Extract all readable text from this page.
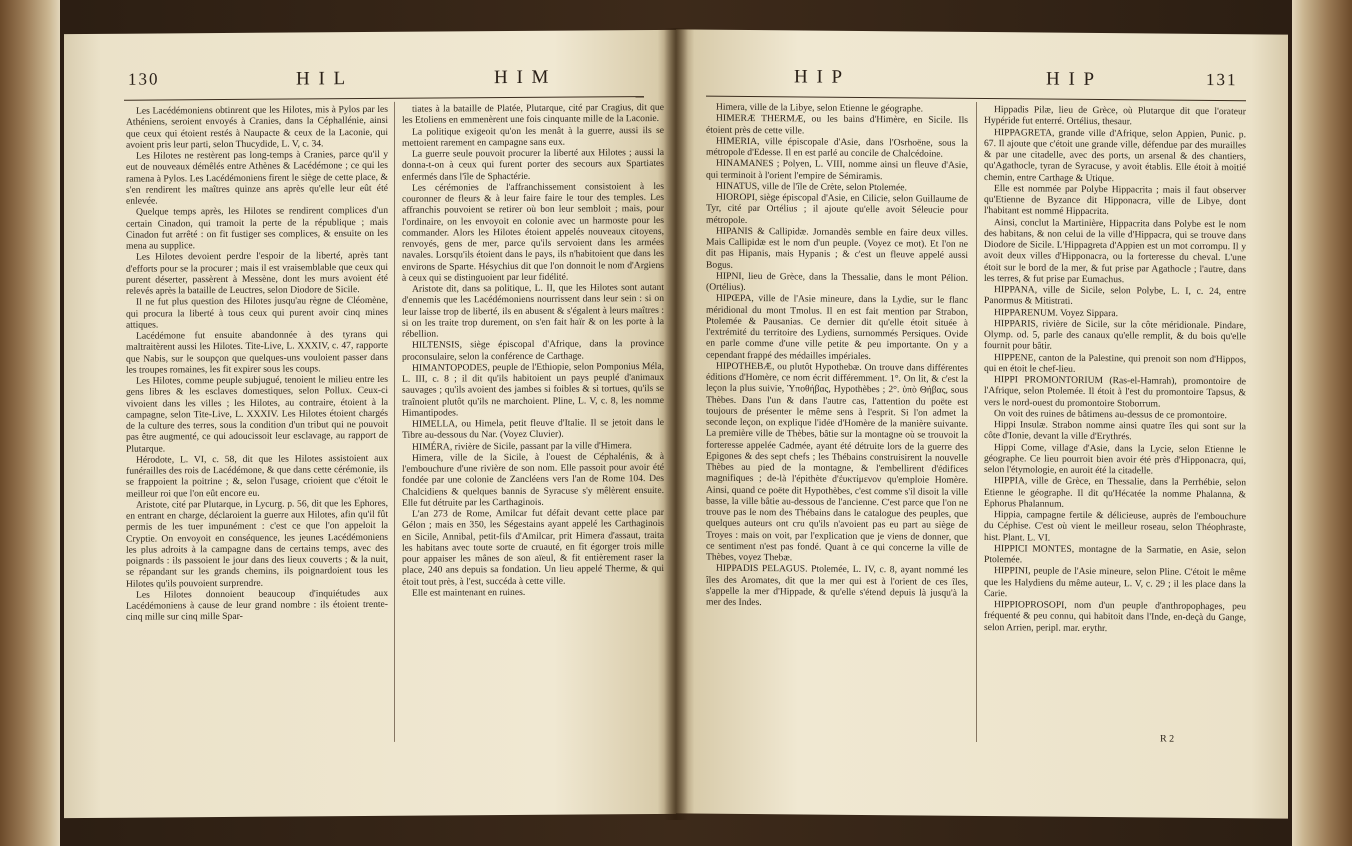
130	H I L	H I M

Les Lacédémoniens obtinrent que les Hilotes, mis à Pylos par les Athéniens, seroient envoyés à Cranies, dans la Céphallénie, ainsi que ceux qui étoient restés à Naupacte & ceux de la Laconie, qui avoient pris leur parti, selon Thucydide, L. V, c. 34.

Les Hilotes ne restèrent pas long-temps à Cranies, parce qu'il y eut de nouveaux démêlés entre Athènes & Lacédémone ; ce qui les ramena à Pylos. Les Lacédémoniens firent le siège de cette place, & s'en rendirent les maîtres quinze ans après qu'elle leur eût été enlevée.

Quelque temps après, les Hilotes se rendirent complices d'un certain Cinadon, qui tramoit la perte de la république ; mais Cinadon fut arrêté : on fit fustiger ses complices, & ensuite on les mena au supplice.

Les Hilotes devoient perdre l'espoir de la liberté, après tant d'efforts pour se la procurer ; mais il est vraisemblable que ceux qui purent déserter, passèrent à Messène, dont les murs avoient été relevés après la bataille de Leuctres, selon Diodore de Sicile.

Il ne fut plus question des Hilotes jusqu'au règne de Cléomène, qui procura la liberté à tous ceux qui purent avoir cinq mines attiques.

Lacédémone fut ensuite abandonnée à des tyrans qui maltraitèrent aussi les Hilotes. Tite-Live, L. XXXIV, c. 47, rapporte que Nabis, sur le soupçon que quelques-uns vouloient passer dans les troupes romaines, les fit expirer sous les coups.

Les Hilotes, comme peuple subjugué, tenoient le milieu entre les gens libres & les esclaves domestiques, selon Pollux. Ceux-ci vivoient dans les villes ; les Hilotes, au contraire, étoient à la campagne, selon Tite-Live, L. XXXIV. Les Hilotes étoient chargés de la culture des terres, sous la condition d'un tribut qui ne pouvoit pas être augmenté, ce qui adoucissoit leur esclavage, au rapport de Plutarque.

Hérodote, L. VI, c. 58, dit que les Hilotes assistoient aux funérailles des rois de Lacédémone, & que dans cette cérémonie, ils se frappoient la poitrine ; &, selon l'usage, crioient que c'étoit le meilleur roi que l'on eût encore eu.

Aristote, cité par Plutarque, in Lycurg. p. 56, dit que les Ephores, en entrant en charge, déclaroient la guerre aux Hilotes, afin qu'il fût permis de les tuer impunément : c'est ce que l'on appeloit la Cryptie. On envoyoit en conséquence, les jeunes Lacédémoniens les plus adroits à la campagne dans de certains temps, avec des poignards : ils passoient le jour dans des lieux couverts ; & la nuit, se répandant sur les grands chemins, ils poignardoient tous les Hilotes qu'ils pouvoient surprendre.

Les Hilotes donnoient beaucoup d'inquiétudes aux Lacédémoniens à cause de leur grand nombre : ils étoient trente-cinq mille sur cinq mille Spar-

tiates à la bataille de Platée, Plutarque, cité par Cragius, dit que les Etoliens en emmenèrent une fois cinquante mille de la Laconie.

La politique exigeoit qu'on les menât à la guerre, aussi ils se mettoient rarement en campagne sans eux.

La guerre seule pouvoit procurer la liberté aux Hilotes ; aussi la donna-t-on à ceux qui furent porter des secours aux Spartiates enfermés dans l'île de Sphactérie.

Les cérémonies de l'affranchissement consistoient à les couronner de fleurs & à leur faire faire le tour des temples. Les affranchis pouvoient se retirer où bon leur sembloit ; mais, pour l'ordinaire, on les envoyoit en colonie avec un harmoste pour les commander. Alors les Hilotes étoient appelés nouveaux citoyens, renvoyés, gens de mer, parce qu'ils servoient dans les armées navales. Lorsqu'ils étoient dans le pays, ils n'habitoient que dans les environs de Sparte. Hésychius dit que l'on donnoit le nom d'Argiens à ceux qui se distinguoient par leur fidélité.

Aristote dit, dans sa politique, L. II, que les Hilotes sont autant d'ennemis que les Lacédémoniens nourrissent dans leur sein : si on leur laisse trop de liberté, ils en abusent & s'égalent à leurs maîtres : si on les traite trop durement, on s'en fait haïr & on les porte à la rébellion.

HILTENSIS, siège épiscopal d'Afrique, dans la province proconsulaire, selon la conférence de Carthage.

HIMANTOPODES, peuple de l'Ethiopie, selon Pomponius Méla, L. III, c. 8 ; il dit qu'ils habitoient un pays peuplé d'animaux sauvages ; qu'ils avoient des jambes si foibles & si tortues, qu'ils se traînoient plutôt qu'ils ne marchoient. Pline, L. V, c. 8, les nomme Himantipodes.

HIMELLA, ou Himela, petit fleuve d'Italie. Il se jetoit dans le Tibre au-dessous du Nar. (Voyez Cluvier).

HIMÉRA, rivière de Sicile, passant par la ville d'Himera.

Himera, ville de la Sicile, à l'ouest de Céphalénis, & à l'embouchure d'une rivière de son nom. Elle passoit pour avoir été fondée par une colonie de Zancléens vers l'an de Rome 104. Des Chalcidiens & quelques bannis de Syracuse s'y mêlèrent ensuite. Elle fut détruite par les Carthaginois.

L'an 273 de Rome, Amilcar fut défait devant cette place par Gélon ; mais en 350, les Ségestains ayant appelé les Carthaginois en Sicile, Annibal, petit-fils d'Amilcar, prit Himera d'assaut, traita les habitans avec toute sorte de cruauté, en fit égorger trois mille pour appaiser les mânes de son aïeul, & fit entièrement raser la place, 240 ans depuis sa fondation. Un lieu appelé Therme, & qui étoit tout près, à l'est, succéda à cette ville.

Elle est maintenant en ruines.

H I P	H I P	131

Himera, ville de la Libye, selon Etienne le géographe.

HIMERÆ THERMÆ, ou les bains d'Himère, en Sicile. Ils étoient près de cette ville.

HIMERIA, ville épiscopale d'Asie, dans l'Osrhoëne, sous la métropole d'Edesse. Il en est parlé au concile de Chalcédoine.

HINAMANES ; Polyen, L. VIII, nomme ainsi un fleuve d'Asie, qui terminoit à l'orient l'empire de Sémiramis.

HINATUS, ville de l'île de Crète, selon Ptolemée.

HIOROPI, siège épiscopal d'Asie, en Cilicie, selon Guillaume de Tyr, cité par Ortélius ; il ajoute qu'elle avoit Séleucie pour métropole.

HIPANIS & Callipidæ. Jornandès semble en faire deux villes. Mais Callipidæ est le nom d'un peuple. (Voyez ce mot). Et l'on ne dit pas Hipanis, mais Hypanis ; & c'est un fleuve appelé aussi Bogus.

HIPNI, lieu de Grèce, dans la Thessalie, dans le mont Pélion. (Ortélius).

HIPŒPA, ville de l'Asie mineure, dans la Lydie, sur le flanc méridional du mont Tmolus. Il en est fait mention par Strabon, Ptolemée & Pausanias. Ce dernier dit qu'elle étoit située à l'extrémité du territoire des Lydiens, surnommés Persiques. Ovide en parle comme d'une ville petite & peu importante. On y a cependant frappé des médailles impériales.

HIPOTHEBÆ, ou plutôt Hypothebæ. On trouve dans différentes éditions d'Homère, ce nom écrit différemment. 1°. On lit, & c'est la leçon la plus suivie, Ὑποθήβας, Hypothèbes ; 2°. ὑπὸ Θήβας, sous Thèbes. Dans l'un & dans l'autre cas, l'attention du poëte est toujours de présenter le même sens à l'esprit. Si l'on admet la seconde leçon, on explique l'idée d'Homère de la manière suivante. La première ville de Thèbes, bâtie sur la montagne où se trouvoit la forteresse appelée Cadmée, ayant été détruite lors de la guerre des Epigones & des sept chefs ; les Thébains construisirent la nouvelle Thèbes au pied de la montagne, & l'embellirent d'édifices magnifiques ; de-là l'épithète d'ἐυκτίμενον qu'emploie Homère. Ainsi, quand ce poëte dit Hypothèbes, c'est comme s'il disoit la ville basse, la ville bâtie au-dessous de l'ancienne. C'est parce que l'on ne trouve pas le nom des Thébains dans le catalogue des peuples, que quelques auteurs ont cru qu'ils n'avoient pas eu part au siège de Troyes : mais on voit, par l'explication que je viens de donner, que ce sentiment n'est pas fondé. Quant à ce qui concerne la ville de Thèbes, voyez Thebæ.

HIPPADIS PELAGUS. Ptolemée, L. IV, c. 8, ayant nommé les îles des Aromates, dit que la mer qui est à l'orient de ces îles, s'appelle la mer d'Hippade, & qu'elle s'étend depuis là jusqu'à la mer des Indes.

Hippadis Pilæ, lieu de Grèce, où Plutarque dit que l'orateur Hypéride fut enterré. Ortélius, thesaur.

HIPPAGRETA, grande ville d'Afrique, selon Appien, Punic. p. 67. Il ajoute que c'étoit une grande ville, défendue par des murailles & par une citadelle, avec des ports, un arsenal & des chantiers, qu'Agathocle, tyran de Syracuse, y avoit établis. Elle étoit à moitié chemin, entre Carthage & Utique.

Elle est nommée par Polybe Hippacrita ; mais il faut observer qu'Etienne de Byzance dit Hipponacra, ville de Libye, dont l'habitant est nommé Hippacrita.

Ainsi, conclut la Martinière, Hippacrita dans Polybe est le nom des habitans, & non celui de la ville d'Hippacra, qui se trouve dans Diodore de Sicile. L'Hippagreta d'Appien est un mot corrompu. Il y avoit deux villes d'Hipponacra, ou la forteresse du cheval. L'une étoit sur le bord de la mer, & fut prise par Agathocle ; l'autre, dans les terres, & fut prise par Eumachus.

HIPPANA, ville de Sicile, selon Polybe, L. I, c. 24, entre Panormus & Mitistrati.

HIPPARENUM. Voyez Sippara.

HIPPARIS, rivière de Sicile, sur la côte méridionale. Pindare, Olymp. od. 5, parle des canaux qu'elle remplit, & du bois qu'elle fournit pour bâtir.

HIPPENE, canton de la Palestine, qui prenoit son nom d'Hippos, qui en étoit le chef-lieu.

HIPPI PROMONTORIUM (Ras-el-Hamrah), promontoire de l'Afrique, selon Ptolemée. Il étoit à l'est du promontoire Tapsus, & vers le nord-ouest du promontoire Stoborrum.

On voit des ruines de bâtimens au-dessus de ce promontoire.

Hippi Insulæ. Strabon nomme ainsi quatre îles qui sont sur la côte d'Ionie, devant la ville d'Erythrés.

Hippi Come, village d'Asie, dans la Lycie, selon Etienne le géographe. Ce lieu pourroit bien avoir été près d'Hipponacra, qui, selon l'étymologie, en auroit été la citadelle.

HIPPIA, ville de Grèce, en Thessalie, dans la Perrhébie, selon Etienne le géographe. Il dit qu'Hécatée la nomme Phalanna, & Ephorus Phalannum.

Hippia, campagne fertile & délicieuse, auprès de l'embouchure du Céphise. C'est où vient le meilleur roseau, selon Théophraste, hist. Plant. L. VI.

HIPPICI MONTES, montagne de la Sarmatie, en Asie, selon Ptolemée.

HIPPINI, peuple de l'Asie mineure, selon Pline. C'étoit le même que les Halydiens du même auteur, L. V, c. 29 ; il les place dans la Carie.

HIPPIOPROSOPI, nom d'un peuple d'anthropophages, peu fréquenté & peu connu, qui habitoit dans l'Inde, en-deçà du Gange, selon Arrien, peripl. mar. erythr.

R 2
